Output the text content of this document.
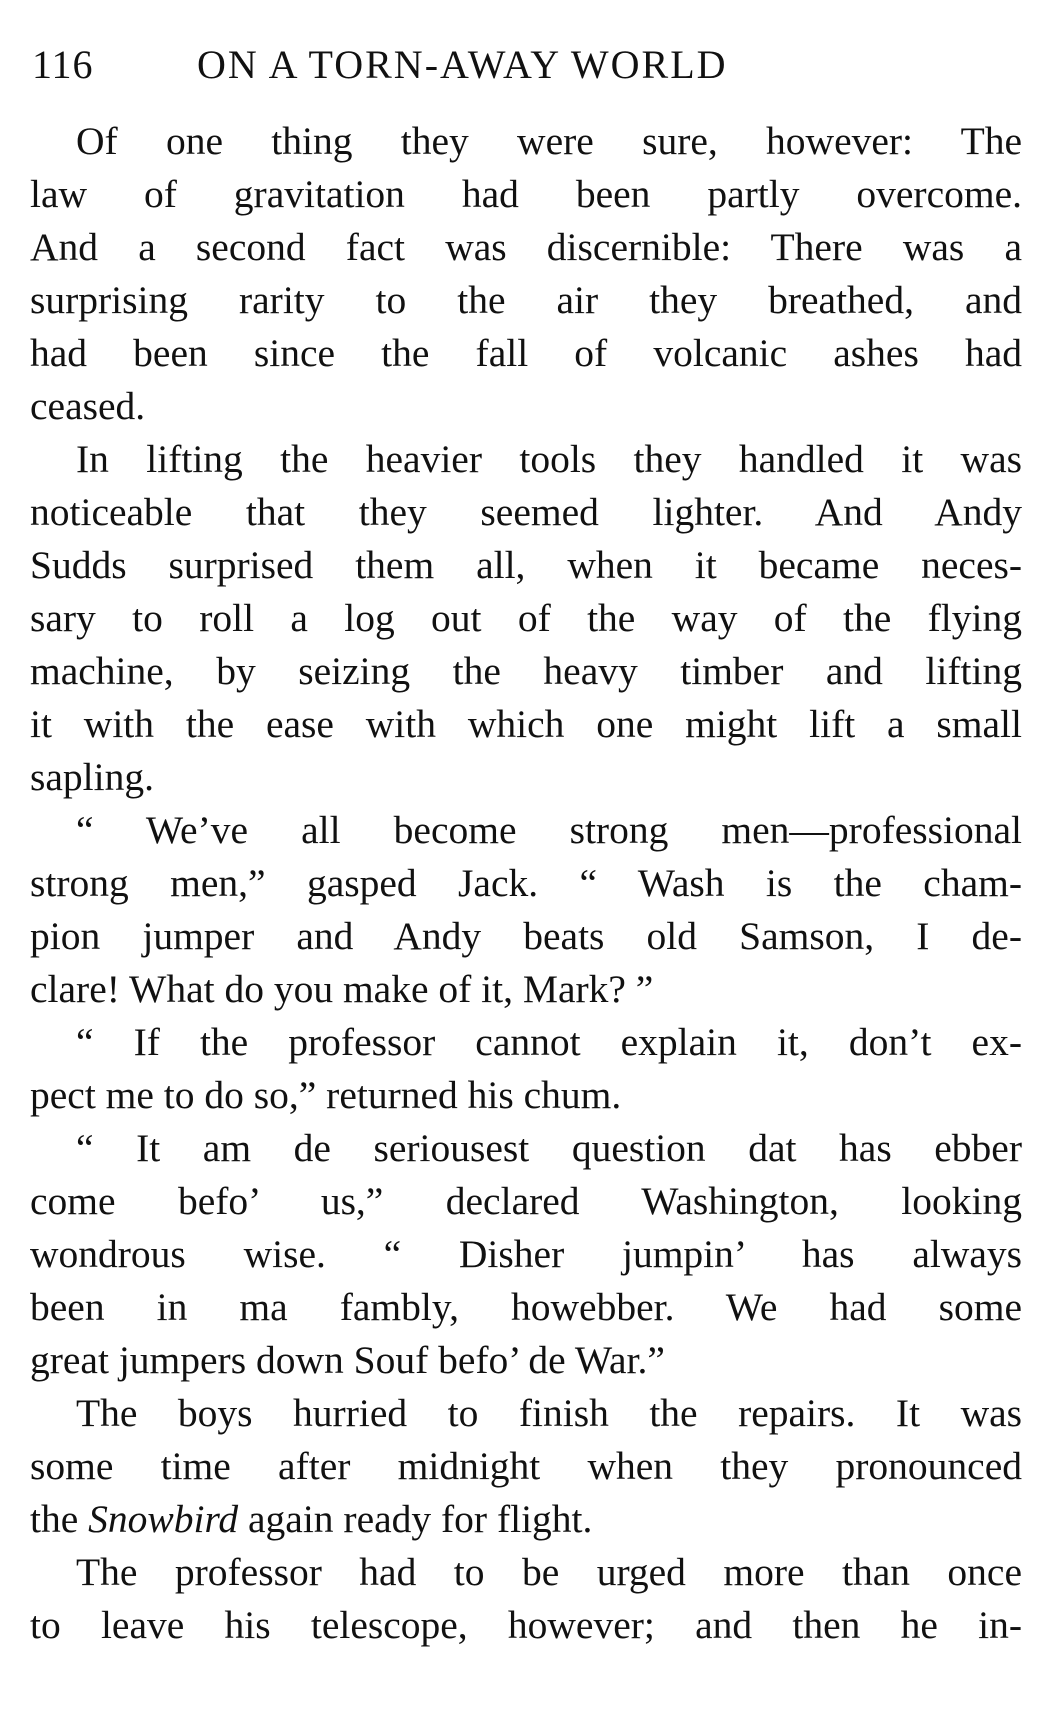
116	ON A TORN-AWAY WORLD
Of one thing they were sure, however: The
law of gravitation had been partly overcome.
And a second fact was discernible: There was a
surprising rarity to the air they breathed, and
had been since the fall of volcanic ashes had
ceased.
In lifting the heavier tools they handled it was
noticeable that they seemed lighter. And Andy
Sudds surprised them all, when it became neces-
sary to roll a log out of the way of the flying
machine, by seizing the heavy timber and lifting
it with the ease with which one might lift a small
sapling.
“ We’ve all become strong men—professional
strong men,” gasped Jack. “ Wash is the cham-
pion jumper and Andy beats old Samson, I de-
clare! What do you make of it, Mark? ”
“ If the professor cannot explain it, don’t ex-
pect me to do so,” returned his chum.
“ It am de seriousest question dat has ebber
come befo’ us,” declared Washington, looking
wondrous wise. “ Disher jumpin’ has always
been in ma fambly, howebber. We had some
great jumpers down Souf befo’ de War.”
The boys hurried to finish the repairs. It was
some time after midnight when they pronounced
the Snowbird again ready for flight.
The professor had to be urged more than once
to leave his telescope, however; and then he in-
